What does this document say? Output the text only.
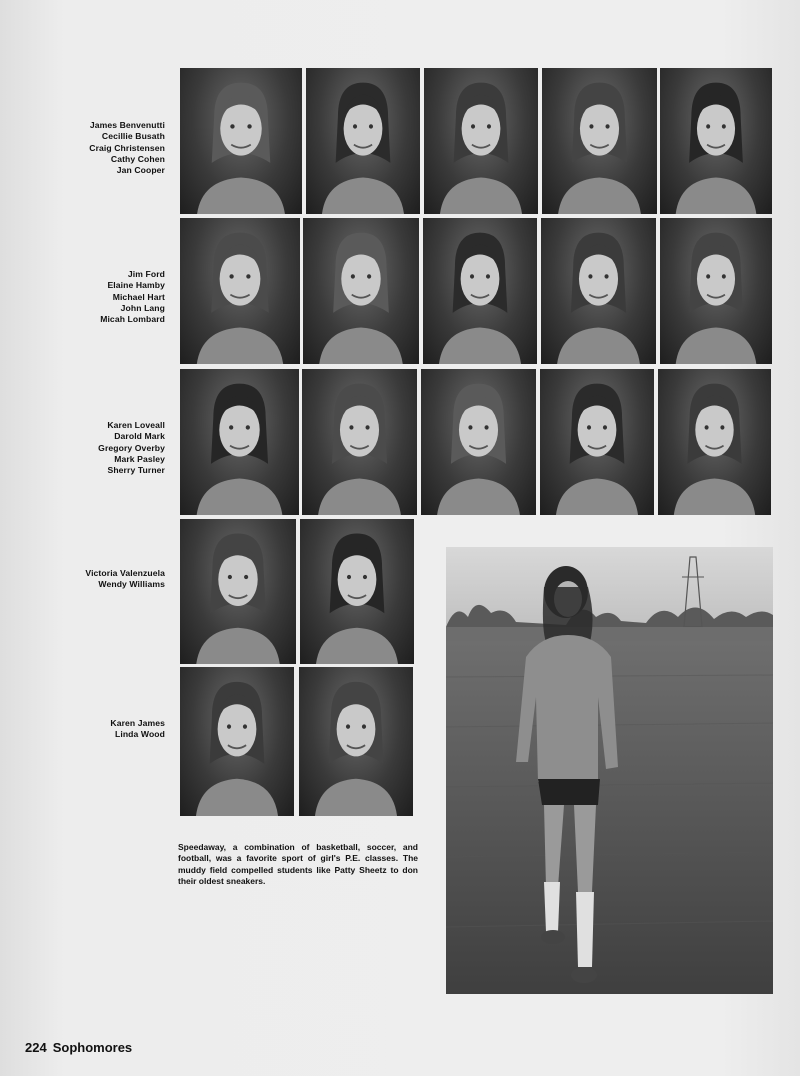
James Benvenutti
Cecillie Busath
Craig Christensen
Cathy Cohen
Jan Cooper
Jim Ford
Elaine Hamby
Michael Hart
John Lang
Micah Lombard
Karen Loveall
Darold Mark
Gregory Overby
Mark Pasley
Sherry Turner
Victoria Valenzuela
Wendy Williams
Karen James
Linda Wood
Speedaway, a combination of basketball, soccer, and football, was a favorite sport of girl's P.E. classes. The muddy field compelled students like Patty Sheetz to don their oldest sneakers.
224 Sophomores
